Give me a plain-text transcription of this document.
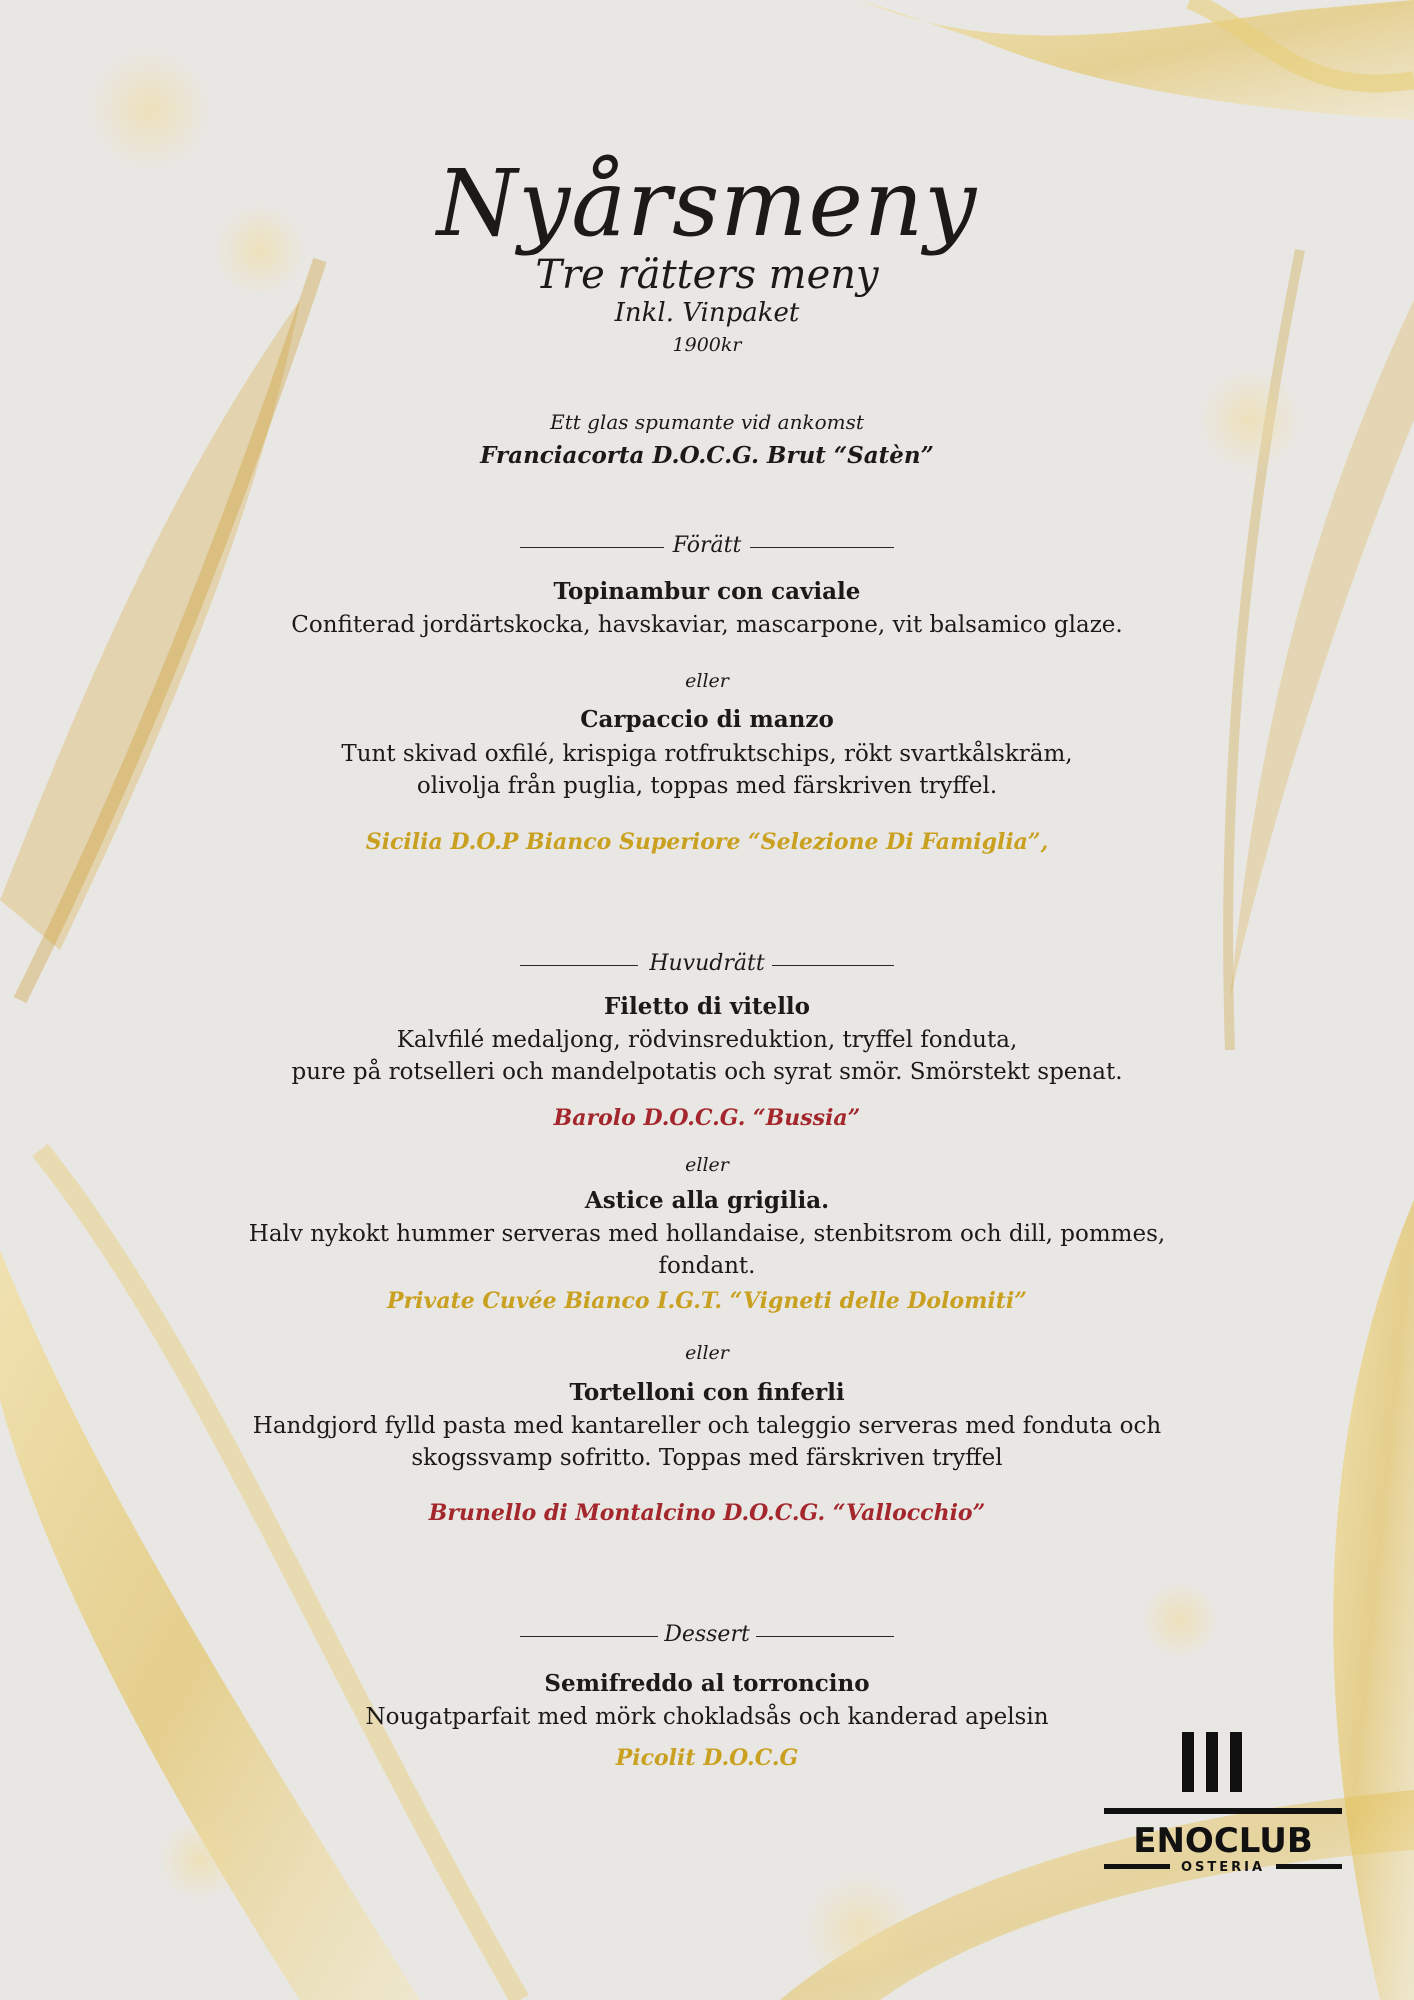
Nyårsmeny
Tre rätters meny
Inkl. Vinpaket
1900kr
Ett glas spumante vid ankomst
Franciacorta D.O.C.G. Brut “Satèn”
Förätt
Topinambur con caviale
Confiterad jordärtskocka, havskaviar, mascarpone, vit balsamico glaze.
eller
Carpaccio di manzo
Tunt skivad oxfilé, krispiga rotfruktschips, rökt svartkålskräm,
olivolja från puglia, toppas med färskriven tryffel.
Sicilia D.O.P Bianco Superiore “Selezione Di Famiglia”,
Huvudrätt
Filetto di vitello
Kalvfilé medaljong, rödvinsreduktion, tryffel fonduta,
pure på rotselleri och mandelpotatis och syrat smör. Smörstekt spenat.
Barolo D.O.C.G. “Bussia”
eller
Astice alla grigilia.
Halv nykokt hummer serveras med hollandaise, stenbitsrom och dill, pommes,
fondant.
Private Cuvée Bianco I.G.T. “Vigneti delle Dolomiti”
eller
Tortelloni con finferli
Handgjord fylld pasta med kantareller och taleggio serveras med fonduta och
skogssvamp sofritto. Toppas med färskriven tryffel
Brunello di Montalcino D.O.C.G. “Vallocchio”
Dessert
Semifreddo al torroncino
Nougatparfait med mörk chokladsås och kanderad apelsin
Picolit D.O.C.G
ENOCLUB
OSTERIA
